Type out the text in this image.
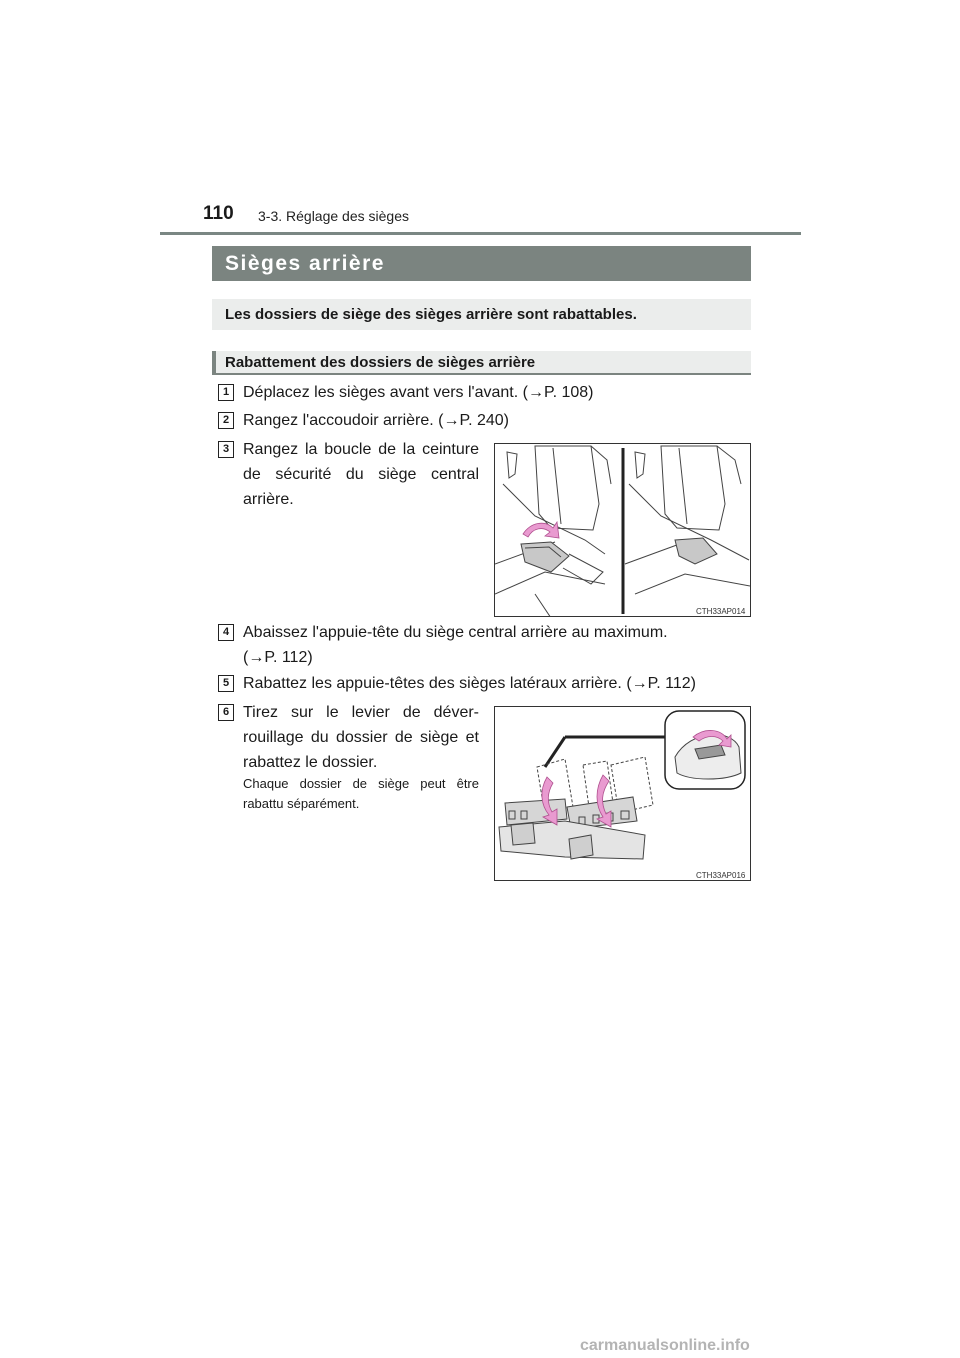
110 3-3. Réglage des sièges
Sièges arrière
Les dossiers de siège des sièges arrière sont rabattables.
Rabattement des dossiers de sièges arrière
1 Déplacez les sièges avant vers l'avant. (→P. 108)
2 Rangez l'accoudoir arrière. (→P. 240)
3 Rangez la boucle de la ceinture
de sécurité du siège central
arrière.
CTH33AP014
4 Abaissez l'appuie-tête du siège central arrière au maximum.
(→P. 112)
5 Rabattez les appuie-têtes des sièges latéraux arrière. (→P. 112)
6 Tirez sur le levier de déver-
rouillage du dossier de siège et
rabattez le dossier.
Chaque dossier de siège peut être
rabattu séparément.
CTH33AP016
carmanualsonline.info
